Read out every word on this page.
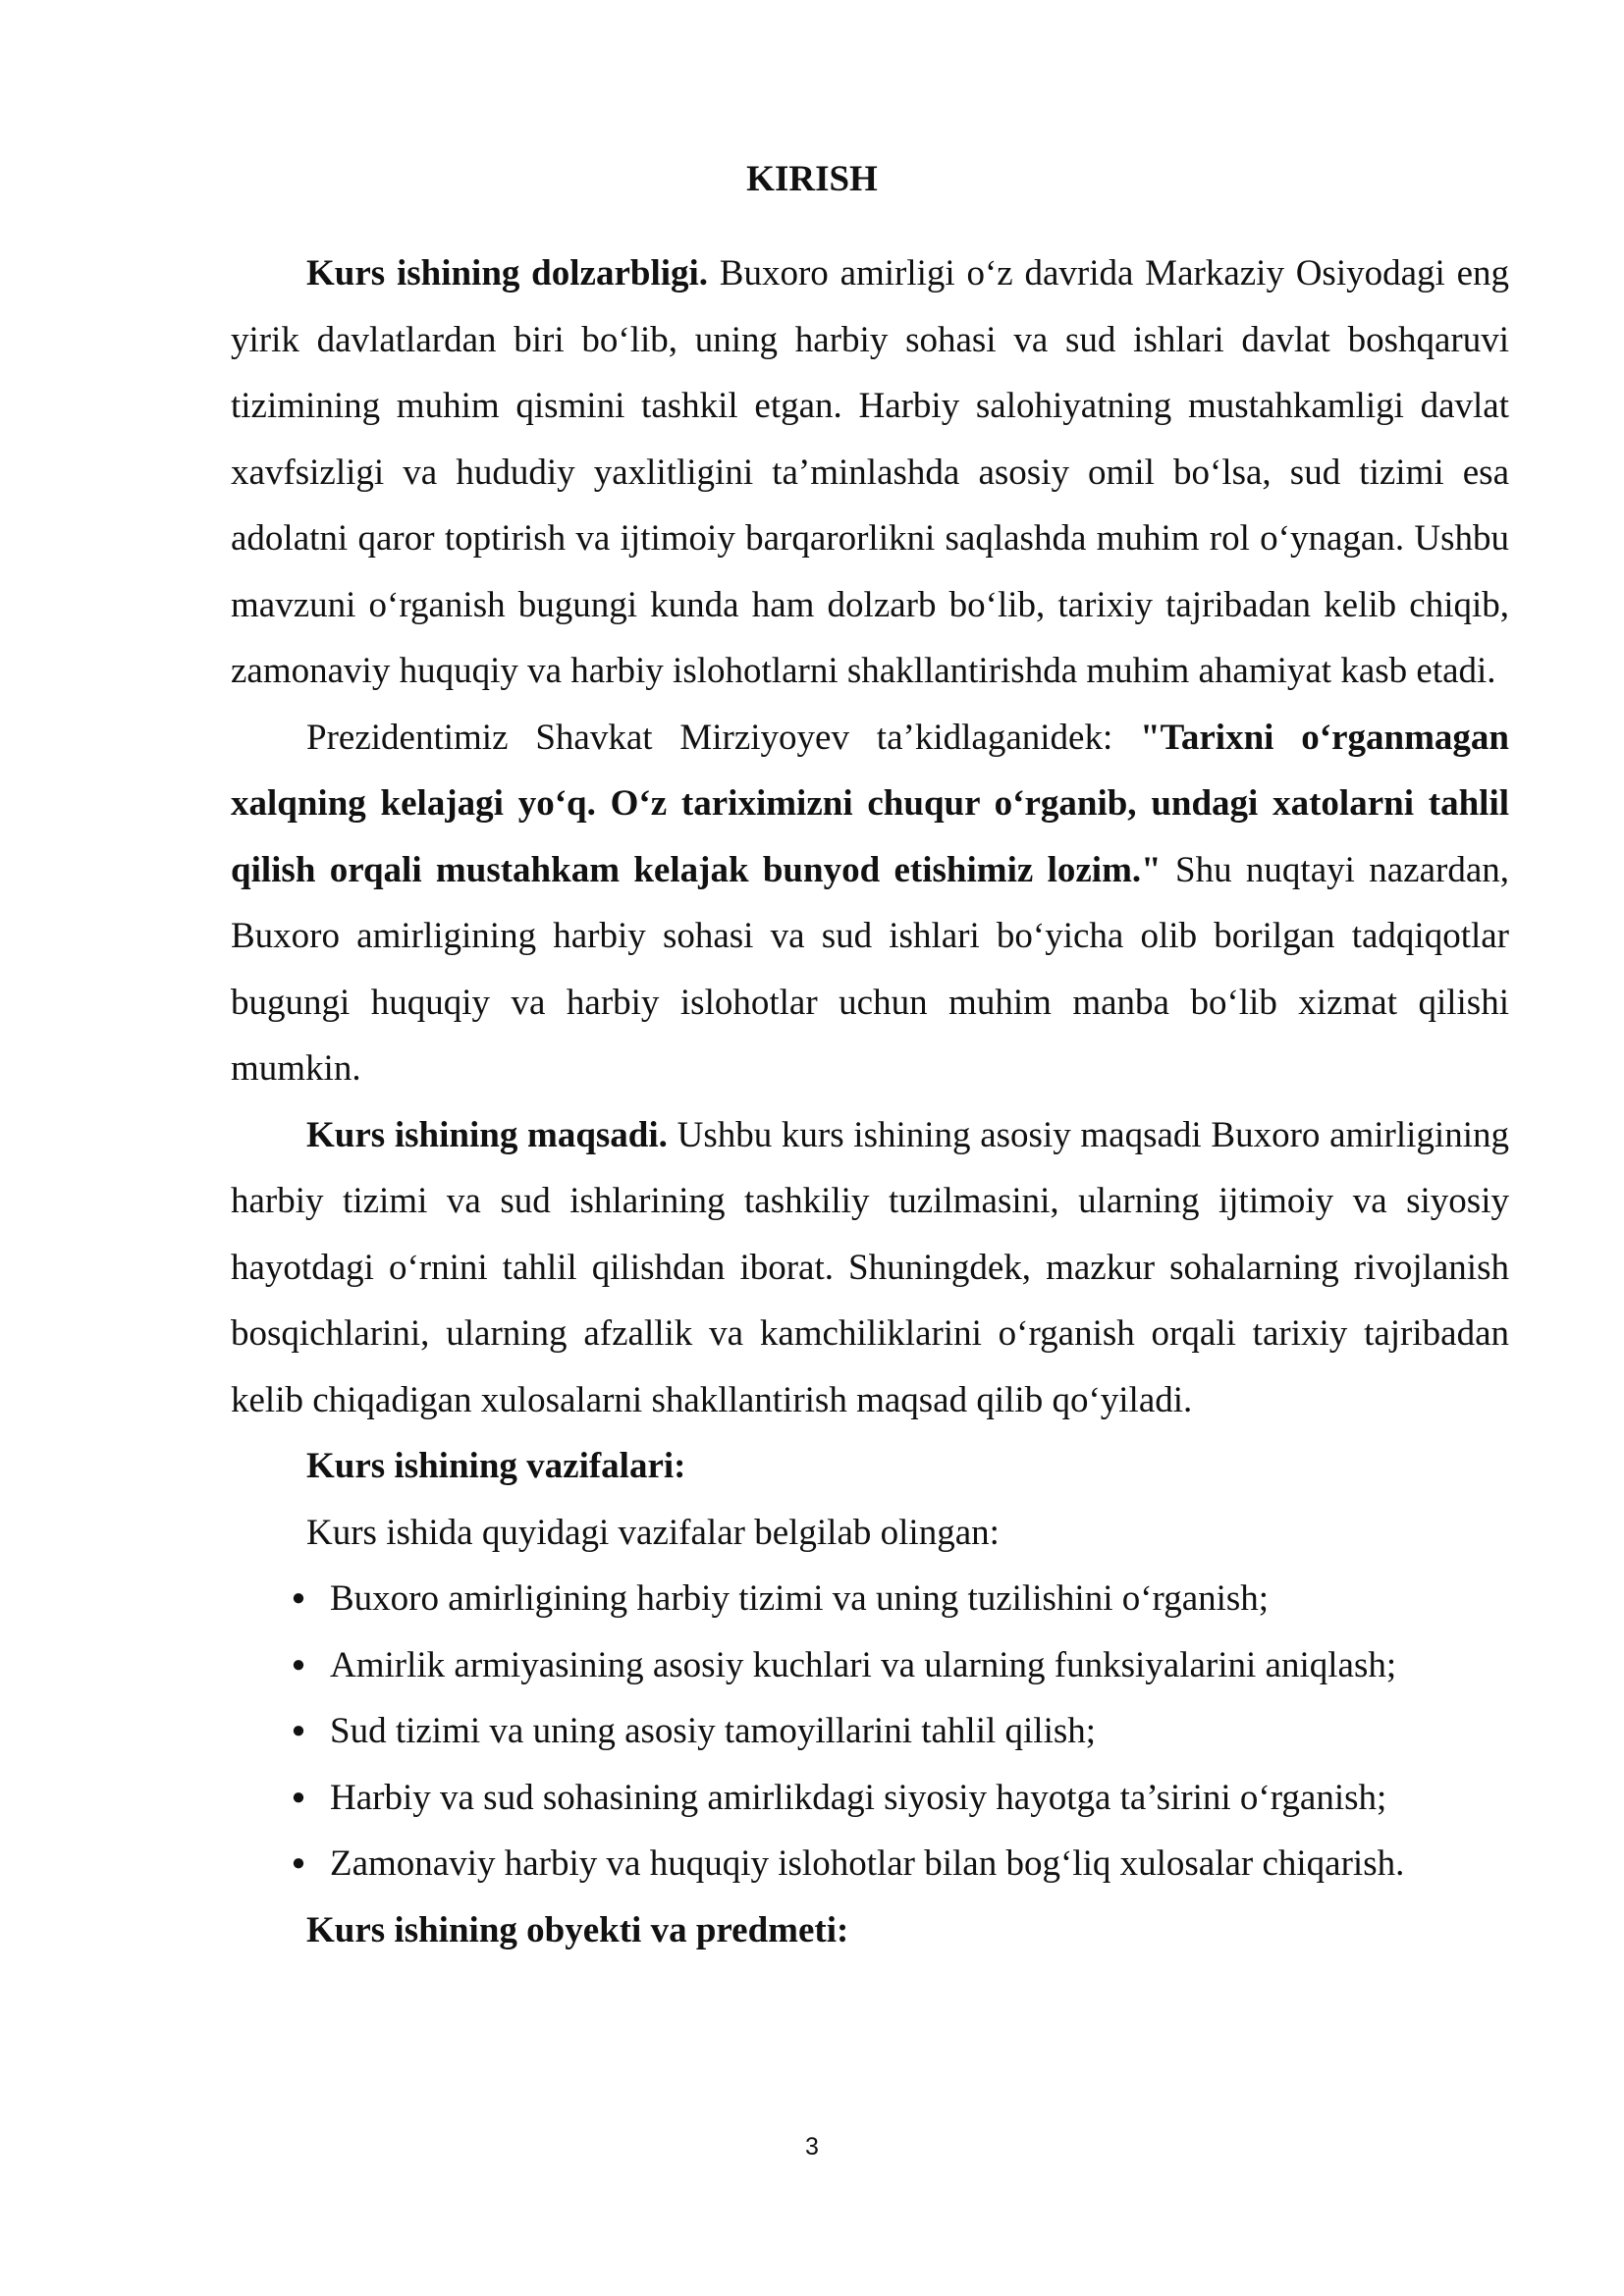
KIRISH

Kurs ishining dolzarbligi. Buxoro amirligi o‘z davrida Markaziy Osiyodagi eng yirik davlatlardan biri bo‘lib, uning harbiy sohasi va sud ishlari davlat boshqaruvi tizimining muhim qismini tashkil etgan. Harbiy salohiyatning mustahkamligi davlat xavfsizligi va hududiy yaxlitligini ta’minlashda asosiy omil bo‘lsa, sud tizimi esa adolatni qaror toptirish va ijtimoiy barqarorlikni saqlashda muhim rol o‘ynagan. Ushbu mavzuni o‘rganish bugungi kunda ham dolzarb bo‘lib, tarixiy tajribadan kelib chiqib, zamonaviy huquqiy va harbiy islohotlarni shakllantirishda muhim ahamiyat kasb etadi.

Prezidentimiz Shavkat Mirziyoyev ta’kidlaganidek: "Tarixni o‘rganmagan xalqning kelajagi yo‘q. O‘z tariximizni chuqur o‘rganib, undagi xatolarni tahlil qilish orqali mustahkam kelajak bunyod etishimiz lozim." Shu nuqtayi nazardan, Buxoro amirligining harbiy sohasi va sud ishlari bo‘yicha olib borilgan tadqiqotlar bugungi huquqiy va harbiy islohotlar uchun muhim manba bo‘lib xizmat qilishi mumkin.

Kurs ishining maqsadi. Ushbu kurs ishining asosiy maqsadi Buxoro amirligining harbiy tizimi va sud ishlarining tashkiliy tuzilmasini, ularning ijtimoiy va siyosiy hayotdagi o‘rnini tahlil qilishdan iborat. Shuningdek, mazkur sohalarning rivojlanish bosqichlarini, ularning afzallik va kamchiliklarini o‘rganish orqali tarixiy tajribadan kelib chiqadigan xulosalarni shakllantirish maqsad qilib qo‘yiladi.

Kurs ishining vazifalari:

Kurs ishida quyidagi vazifalar belgilab olingan:

● Buxoro amirligining harbiy tizimi va uning tuzilishini o‘rganish;
● Amirlik armiyasining asosiy kuchlari va ularning funksiyalarini aniqlash;
● Sud tizimi va uning asosiy tamoyillarini tahlil qilish;
● Harbiy va sud sohasining amirlikdagi siyosiy hayotga ta’sirini o‘rganish;
● Zamonaviy harbiy va huquqiy islohotlar bilan bog‘liq xulosalar chiqarish.

Kurs ishining obyekti va predmeti:

3
